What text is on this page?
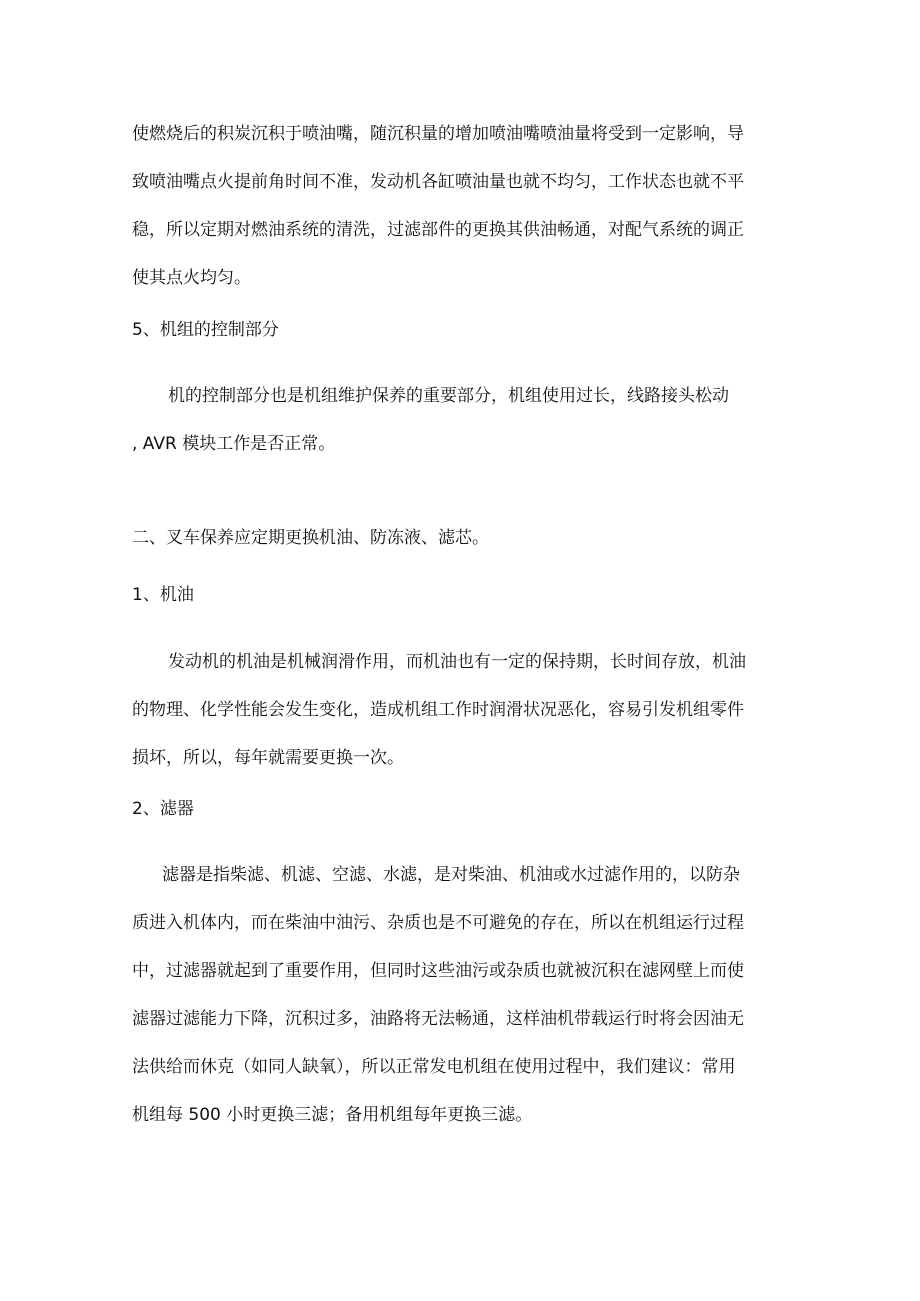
使燃烧后的积炭沉积于喷油嘴，随沉积量的增加喷油嘴喷油量将受到一定影响，导
致喷油嘴点火提前角时间不准，发动机各缸喷油量也就不均匀，工作状态也就不平
稳，所以定期对燃油系统的清洗，过滤部件的更换其供油畅通，对配气系统的调正
使其点火均匀。
5、机组的控制部分
机的控制部分也是机组维护保养的重要部分，机组使用过长，线路接头松动
, AVR 模块工作是否正常。
二、叉车保养应定期更换机油、防冻液、滤芯。
1、机油
发动机的机油是机械润滑作用，而机油也有一定的保持期，长时间存放，机油
的物理、化学性能会发生变化，造成机组工作时润滑状况恶化，容易引发机组零件
损坏，所以，每年就需要更换一次。
2、滤器
滤器是指柴滤、机滤、空滤、水滤，是对柴油、机油或水过滤作用的，以防杂
质进入机体内，而在柴油中油污、杂质也是不可避免的存在，所以在机组运行过程
中，过滤器就起到了重要作用，但同时这些油污或杂质也就被沉积在滤网壁上而使
滤器过滤能力下降，沉积过多，油路将无法畅通，这样油机带载运行时将会因油无
法供给而休克（如同人缺氧），所以正常发电机组在使用过程中，我们建议：常用
机组每 500 小时更换三滤；备用机组每年更换三滤。
